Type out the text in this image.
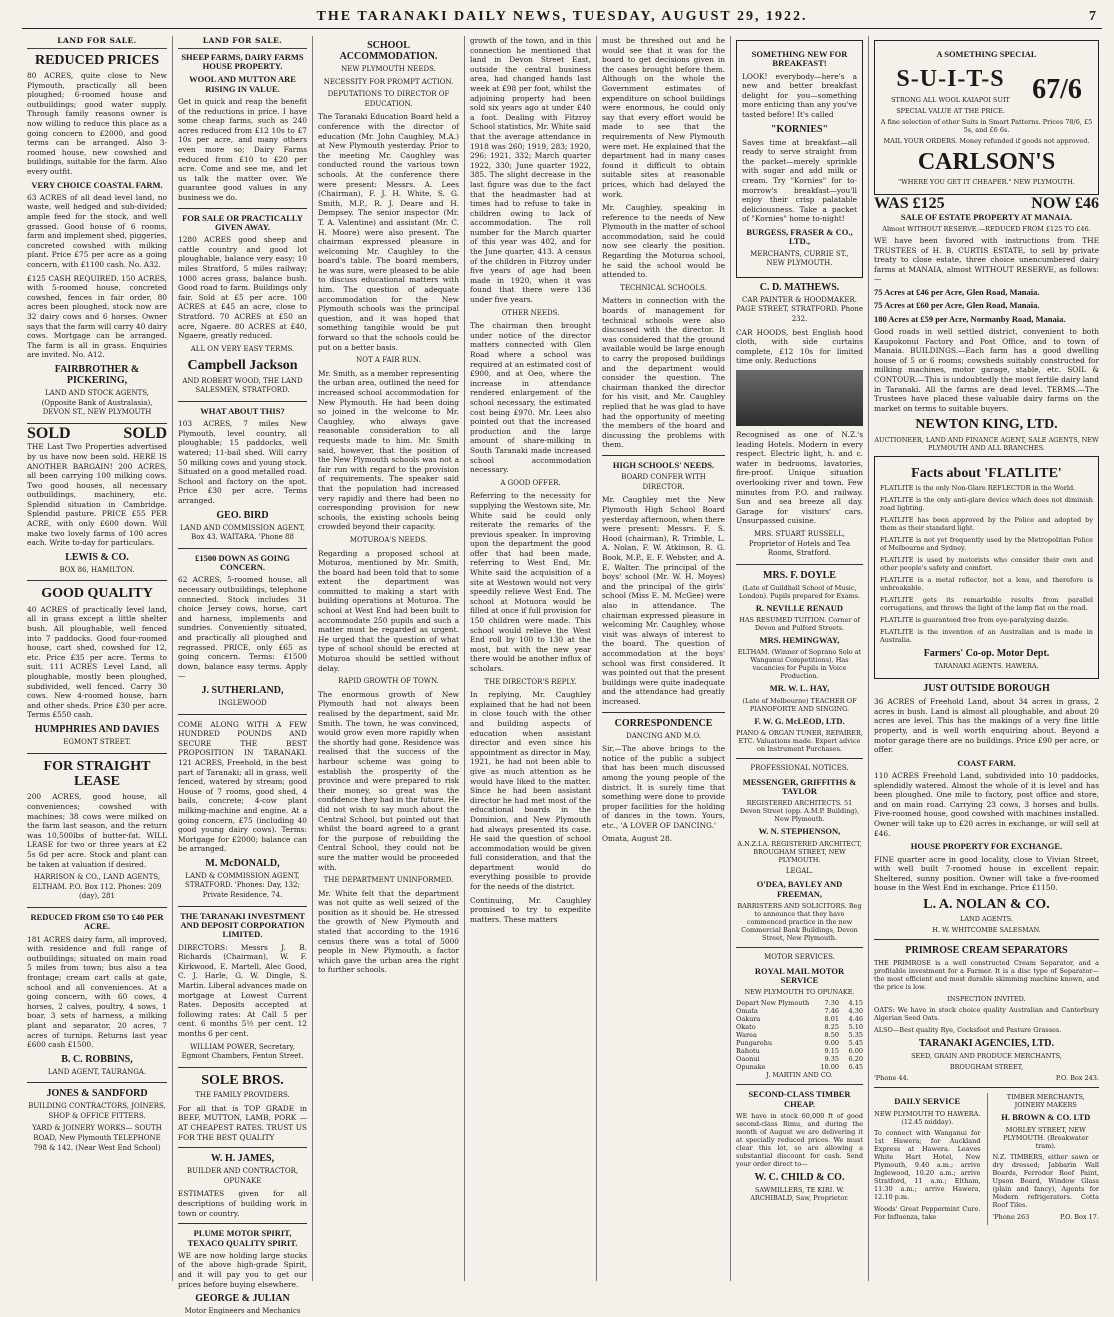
THE TARANAKI DAILY NEWS, TUESDAY, AUGUST 29, 1922.	7
LAND FOR SALE.
REDUCED PRICES

80 ACRES, quite close to New Plymouth, practically all been ploughed; 6-roomed house and outbuildings; good water supply. Through family reasons owner is now willing to reduce this place as a going concern to £2000, and good terms can be arranged. Also 3-roomed house, new cowshed and buildings, suitable for the farm. Also every outfit.

VERY CHOICE COASTAL FARM.

63 ACRES of all dead level land, no waste, well hedged and sub-divided; ample feed for the stock, and well grassed. Good house of 6 rooms, farm and implement shed, piggeries, concreted cowshed with milking plant. Price £75 per acre as a going concern, with £1100 cash. No. A32.

£125 CASH REQUIRED. 150 ACRES, with 5-roomed house, concreted cowshed, fences in fair order, 80 acres been ploughed, stock now are 32 dairy cows and 6 horses. Owner says that the farm will carry 40 dairy cows. Mortgage can be arranged. The farm is all in grass. Enquiries are invited. No. A12.

FAIRBROTHER & PICKERING,
LAND AND STOCK AGENTS, (Opposite Bank of Australasia), DEVON ST., NEW PLYMOUTH
SOLD	SOLD

THE Last Two Properties advertised by us have now been sold. HERE IS ANOTHER BARGAIN! 200 ACRES, all been carrying 100 milking cows. Two good houses, all necessary outbuildings, machinery, etc. Splendid situation in Cambridge. Splendid pasture. PRICE £55 PER ACRE, with only £600 down. Will make two lovely farms of 100 acres each. Write to-day for particulars.

LEWIS & CO.
BOX 86, HAMILTON.
GOOD QUALITY

40 ACRES of practically level land, all in grass except a little shelter bush. All ploughable, well fenced into 7 paddocks. Good four-roomed house, cart shed, cowshed for 12, etc. Price £35 per acre. Terms to suit. 111 ACRES Level Land, all ploughable, mostly been ploughed, subdivided, well fenced. Carry 30 cows. New 4-roomed house, barn and other sheds. Price £30 per acre. Terms £550 cash.

HUMPHRIES AND DAVIES
EGMONT STREET.
FOR STRAIGHT LEASE

200 ACRES, good house, all conveniences; cowshed with machines; 38 cows were milked on the farm last season, and the return was 10,500lbs of butter-fat. WILL LEASE for two or three years at £2 5s 6d per acre. Stock and plant can be taken at valuation if desired.

HARRISON & CO., LAND AGENTS, ELTHAM. P.O. Box 112. Phones: 209 (day), 281
REDUCED FROM £50 TO £40 PER ACRE.

181 ACRES dairy farm, all improved, with residence and full range of outbuildings; situated on main road 5 miles from town; bus also a tea frontage; cream cart calls at gate, school and all conveniences. At a going concern, with 60 cows, 4 horses, 2 calves, poultry, 4 sows, 1 boar, 3 sets of harness, a milking plant and separator, 20 acres, 7 acres of turnips. Returns last year £600 cash £1500.

B. C. ROBBINS,
LAND AGENT, TAURANGA.
JONES & SANDFORD
BUILDING CONTRACTORS, JOINERS, SHOP & OFFICE FITTERS.
YARD & JOINERY WORKS— SOUTH ROAD, New Plymouth TELEPHONE 798 & 142. (Near West End School)
LAND FOR SALE.
SHEEP FARMS, DAIRY FARMS HOUSE PROPERTY.
WOOL AND MUTTON ARE RISING IN VALUE.

Get in quick and reap the benefit of the reductions in price. I have some cheap farms, such as 240 acres reduced from £12 10s to £7 10s per acre, and many others even more so; Dairy Farms reduced from £10 to £20 per acre. Come and see me, and let us talk the matter over. We guarantee good values in any business we do.

FOR SALE OR PRACTICALLY GIVEN AWAY.

1280 ACRES good sheep and cattle country and good lot ploughable, balance very easy; 10 miles Stratford, 5 miles railway; 1000 acres grass, balance bush. Good road to farm. Buildings only fair. Sold at £5 per acre. 100 ACRES at £45 an acre, close to Stratford. 70 ACRES at £50 an acre, Ngaere. 80 ACRES at £40, Ngaere, greatly reduced.

ALL ON VERY EASY TERMS.
Campbell Jackson
AND ROBERT WOOD, THE LAND SALESMEN, STRATFORD.
WHAT ABOUT THIS?

103 ACRES, 7 miles New Plymouth, level country, all ploughable; 15 paddocks, well watered; 11-bail shed. Will carry 50 milking cows and young stock. Situated on a good metalled road. School and factory on the spot. Price £30 per acre. Terms arranged.

GEO. BIRD
LAND AND COMMISSION AGENT, Box 43. WAITARA. 'Phone 88
£1500 DOWN AS GOING CONCERN.

62 ACRES, 5-roomed house, all necessary outbuildings, telephone connected. Stock includes 31 choice Jersey cows, horse, cart and harness, implements and sundries. Conveniently situated, and practically all ploughed and regrassed. PRICE, only £65 as going concern. Terms: £1500 down, balance easy terms. Apply—

J. SUTHERLAND,
INGLEWOOD

COME ALONG WITH A FEW HUNDRED POUNDS AND SECURE THE BEST PROPOSITION IN TARANAKI. 121 ACRES, Freehold, in the best part of Taranaki; all in grass, well fenced, watered by stream; good House of 7 rooms, good shed, 4 bails, concrete; 4-cow plant milking-machine and engine. At a going concern, £75 (including 40 good young dairy cows). Terms: Mortgage for £2000; balance can be arranged.

M. McDONALD,
LAND & COMMISSION AGENT, STRATFORD. 'Phones: Day, 132; Private Residence, 74.
THE TARANAKI INVESTMENT AND DEPOSIT CORPORATION LIMITED.

DIRECTORS: Messrs J. B. Richards (Chairman), W. F. Kirkwood, E. Martell, Alec Good, C. J. Harle, G. W. Dingle, S. Martin. Liberal advances made on mortgage at Lowest Current Rates. Deposits accepted at following rates: At Call 5 per cent. 6 months 5½ per cent. 12 months 6 per cent.

WILLIAM POWER, Secretary, Egmont Chambers, Fenton Street.
SOLE BROS.
THE FAMILY PROVIDERS.

For all that is TOP GRADE in BEEF, MUTTON, LAMB, PORK — AT CHEAPEST RATES. TRUST US FOR THE BEST QUALITY

W. H. JAMES,
BUILDER AND CONTRACTOR, OPUNAKE

ESTIMATES given for all descriptions of building work in town or country.

PLUME MOTOR SPIRIT, TEXACO QUALITY SPIRIT.

WE are now holding large stocks of the above high-grade Spirit, and it will pay you to get our prices before buying elsewhere.

GEORGE & JULIAN
Motor Engineers and Mechanics
SCHOOL ACCOMMODATION.
NEW PLYMOUTH NEEDS.
NECESSITY FOR PROMPT ACTION.
DEPUTATIONS TO DIRECTOR OF EDUCATION.

The Taranaki Education Board held a conference with the director of education (Mr. John Caughley, M.A.) at New Plymouth yesterday. Prior to the meeting Mr. Caughley was conducted round the various town schools. At the conference there were present: Messrs. A. Lees (Chairman), F. J. H. White, S. G. Smith, M.P., R. J. Deare and H. Dempsey. The senior inspector (Mr. T. A. Valentine) and assistant (Mr. C. H. Moore) were also present. The chairman expressed pleasure in welcoming Mr. Caughley to the board's table. The board members, he was sure, were pleased to be able to discuss educational matters with him. The question of adequate accommodation for the New Plymouth schools was the principal question, and it was hoped that something tangible would be put forward so that the schools could be put on a better basis.

NOT A FAIR RUN.

Mr. Smith, as a member representing the urban area, outlined the need for increased school accommodation for New Plymouth. He had been doing so joined in the welcome to Mr. Caughley, who always gave reasonable consideration to all requests made to him. Mr. Smith said, however, that the position of the New Plymouth schools was not a fair run with regard to the provision of requirements. The speaker said that the population had increased very rapidly and there had been no corresponding provision for new schools, the existing schools being crowded beyond their capacity.

MOTUROA'S NEEDS.

Regarding a proposed school at Moturoa, mentioned by Mr. Smith, the board had been told that to some extent the department was committed to making a start with building operations at Moturoa. The school at West End had been built to accommodate 250 pupils and such a matter must be regarded as urgent. He urged that the question of what type of school should be erected at Moturoa should be settled without delay.

RAPID GROWTH OF TOWN.

The enormous growth of New Plymouth had not always been realised by the department, said Mr. Smith. The town, he was convinced, would grow even more rapidly when the shortly had gone. Residence was realised that the success of the harbour scheme was going to establish the prosperity of the province and were prepared to risk their money, so great was the confidence they had in the future. He did not wish to say much about the Central School, but pointed out that whilst the board agreed to a grant for the purpose of rebuilding the Central School, they could not be sure the matter would be proceeded with.

THE DEPARTMENT UNINFORMED.

Mr. White felt that the department was not quite as well seized of the position as it should be. He stressed the growth of New Plymouth and stated that according to the 1916 census there was a total of 5000 people in New Plymouth, a factor which gave the urban area the right to further schools.

growth of the town, and in this connection he mentioned that land in Devon Street East, outside the central business area, had changed hands last week at £98 per foot, whilst the adjoining property had been sold six years ago at under £40 a foot. Dealing with Fitzroy School statistics, Mr. White said that the average attendance in 1918 was 260; 1919, 283; 1920, 296; 1921, 332; March quarter 1922, 330; June quarter 1922, 385. The slight decrease in the last figure was due to the fact that the headmaster had at times had to refuse to take in children owing to lack of accommodation. The roll number for the March quarter of this year was 402, and for the June quarter, 413. A census of the children in Fitzroy under five years of age had been made in 1920, when it was found that there were 136 under five years.

OTHER NEEDS.

The chairman then brought under notice of the director matters connected with Glen Road where a school was required at an estimated cost of £900, and at Oeo, where the increase in attendance rendered enlargement of the school necessary, the estimated cost being £970. Mr. Lees also pointed out that the increased production and the large amount of share-milking in South Taranaki made increased school accommodation necessary.

A GOOD OFFER.

Referring to the necessity for supplying the Westown site, Mr. White said he could only reiterate the remarks of the previous speaker. In improving upon the department the good offer that had been made, referring to West End, Mr. White said the acquisition of a site at Westown would not very speedily relieve West End. The school at Motuora would be filled at once if full provision for 150 children were made. This school would relieve the West End roll by 100 to 130 at the most, but with the new year there would be another influx of scholars.

THE DIRECTOR'S REPLY.

In replying, Mr. Caughley explained that he had not been in close touch with the other and building aspects of education when assistant director and even since his appointment as director in May, 1921, he had not been able to give as much attention as he would have liked to the matter. Since he had been assistant director he had met most of the educational boards in the Dominion, and New Plymouth had always presented its case. He said the question of school accommodation would be given full consideration, and that the department would do everything possible to provide for the needs of the district.

Continuing, Mr. Caughley promised to try to expedite matters. These matters

must be threshed out and he would see that it was for the board to get decisions given in the cases brought before them. Although on the whole the Government estimates of expenditure on school buildings were enormous, he could only say that every effort would be made to see that the requirements of New Plymouth were met. He explained that the department had in many cases found it difficult to obtain suitable sites at reasonable prices, which had delayed the work.

Mr. Caughley, speaking in reference to the needs of New Plymouth in the matter of school accommodation, said he could now see clearly the position. Regarding the Moturoa school, he said the school would be attended to.

TECHNICAL SCHOOLS.

Matters in connection with the boards of management for technical schools were also discussed with the director. It was considered that the ground available would be large enough to carry the proposed buildings and the department would consider the question. The chairman thanked the director for his visit, and Mr. Caughley replied that he was glad to have had the opportunity of meeting the members of the board and discussing the problems with them.

HIGH SCHOOLS' NEEDS.
BOARD CONFER WITH DIRECTOR.

Mr. Caughley met the New Plymouth High School Board yesterday afternoon, when there were present: Messrs. F. S. Hood (chairman), R. Trimble, L. A. Nolan, F. W. Atkinson, R. G. Book, M.P., E. F. Webster, and A. E. Walter. The principal of the boys' school (Mr. W. H. Moyes) and the principal of the girls' school (Miss E. M. McGee) were also in attendance. The chairman expressed pleasure in welcoming Mr. Caughley, whose visit was always of interest to the board. The question of accommodation at the boys' school was first considered. It was pointed out that the present buildings were quite inadequate and the attendance had greatly increased.

CORRESPONDENCE
DANCING AND M.O.

Sir,—The above brings to the notice of the public a subject that has been much discussed among the young people of the district. It is surely time that something were done to provide proper facilities for the holding of dances in the town. Yours, etc., 'A LOVER OF DANCING.'

Omata, August 28.

SOMETHING NEW FOR BREAKFAST!

LOOK! everybody—here's a new and better breakfast delight for you—something more enticing than any you've tasted before! It's called

"KORNIES"

Saves time at breakfast—all ready to serve straight from the packet—merely sprinkle with sugar and add milk or cream. Try "Kornies" for to-morrow's breakfast—you'll enjoy their crisp palatable deliciousness. Take a packet of "Kornies" home to-night!

BURGESS, FRASER & CO., LTD.,
MERCHANTS, CURRIE ST., NEW PLYMOUTH.
C. D. MATHEWS.
CAR PAINTER & HOODMAKER. PAGE STREET, STRATFORD. Phone 232.

CAR HOODS, best English hood cloth, with side curtains complete, £12 10s for limited time only. Reductions

Recognised as one of N.Z.'s leading Hotels. Modern in every respect. Electric light, h. and c. water in bedrooms, lavatories, fire-proof. Unique situation overlooking river and town. Few minutes from P.O. and railway. Sun and sea breeze all day. Garage for visitors' cars. Unsurpassed cuisine.

MRS. STUART RUSSELL, Proprietor of Hotels and Tea Rooms, Stratford.
MRS. F. DOYLE
(Late of Guildhall School of Music, London). Pupils prepared for Exams.
R. NEVILLE RENAUD
HAS RESUMED TUITION. Corner of Devon and Pulford Streets.
MRS. HEMINGWAY,
ELTHAM. (Winner of Soprano Solo at Wanganui Competitions). Has vacancies for Pupils in Voice Production.
MR. W. L. HAY,
(Late of Melbourne) TEACHER OF PIANOFORTE AND SINGING.
F. W. G. McLEOD, LTD.
PIANO & ORGAN TUNER, REPAIRER, ETC. Valuations made. Expert advice on Instrument Purchases.
PROFESSIONAL NOTICES.
MESSENGER, GRIFFITHS & TAYLOR
REGISTERED ARCHITECTS. 51 Devon Street (opp. A.M.P. Building), New Plymouth.
W. N. STEPHENSON,
A.N.Z.I.A. REGISTERED ARCHITECT, BROUGHAM STREET, NEW PLYMOUTH.
LEGAL.
O'DEA, BAYLEY AND FREEMAN,
BARRISTERS AND SOLICITORS. Beg to announce that they have commenced practice in the new Commercial Bank Buildings, Devon Street, New Plymouth.
MOTOR SERVICES.
ROYAL MAIL MOTOR SERVICE
NEW PLYMOUTH TO OPUNAKE.
Depart New Plymouth	7.30	4.15
Omata	7.46	4.30
Oakura	8.01	4.46
Okato	8.25	5.10
Warea	8.50	5.35
Pungarehu	9.00	5.45
Rahotu	9.15	6.00
Oaonui	9.35	6.20
Opunake	10.00	6.45
J. MARTIN AND CO.
SECOND-CLASS TIMBER CHEAP.

WE have in stock 60,000 ft of good second-class Rimu, and during the month of August we are delivering it at specially reduced prices. We must clear this lot, so are allowing a substantial discount for cash. Send your order direct to—

W. C. CHILD & CO.
SAWMILLERS, TE KIRI. W. ARCHIBALD, Saw, Proprietor.
A SOMETHING SPECIAL
S-U-I-T-S
STRONG ALL WOOL KAIAPOI SUIT
SPECIAL VALUE AT THE PRICE.
67/6
A fine selection of other Suits in Smart Patterns. Prices 78/6, £5 5s, and £6 6s.
MAIL YOUR ORDERS. Money refunded if goods not approved.
CARLSON'S
"WHERE YOU GET IT CHEAPER." NEW PLYMOUTH.
WAS £125	NOW £46
SALE OF ESTATE PROPERTY AT MANAIA.
Almost WITHOUT RESERVE.—REDUCED FROM £125 TO £46.

WE have been favored with instructions from THE TRUSTEES of H. B. CURTIS ESTATE, to sell by private treaty to close estate, three choice unencumbered dairy farms at MANAIA, almost WITHOUT RESERVE, as follows:—

75 Acres at £46 per Acre, Glen Road, Manaia.
75 Acres at £60 per Acre, Glen Road, Manaia.
180 Acres at £59 per Acre, Normanby Road, Manaia.

Good roads in well settled district, convenient to both Kaupokonui Factory and Post Office, and to town of Manaia. BUILDINGS.—Each farm has a good dwelling house of 5 or 6 rooms; cowsheds suitably constructed for milking machines, motor garage, stable, etc. SOIL & CONTOUR.—This is undoubtedly the most fertile dairy land in Taranaki. All the farms are dead level. TERMS.—The Trustees have placed these valuable dairy farms on the market on terms to suitable buyers.

NEWTON KING, LTD.
AUCTIONEER, LAND AND FINANCE AGENT, SALE AGENTS, NEW PLYMOUTH AND ALL BRANCHES.
Facts about 'FLATLITE'

FLATLITE is the only Non-Glare REFLECTOR in the World.

FLATLITE is the only anti-glare device which does not diminish road lighting.

FLATLITE has been approved by the Police and adopted by them as their standard light.

FLATLITE is not yet frequently used by the Metropolitan Police of Melbourne and Sydney.

FLATLITE is used by motorists who consider their own and other people's safety and comfort.

FLATLITE is a metal reflector, not a lens, and therefore is unbreakable.

FLATLITE gets its remarkable results from parallel corrugations, and throws the light of the lamp flat on the road.

FLATLITE is guaranteed free from eye-paralyzing dazzle.

FLATLITE is the invention of an Australian and is made in Australia.

Farmers' Co-op. Motor Dept.
TARANAKI AGENTS. HAWERA.
JUST OUTSIDE BOROUGH

36 ACRES of Freehold Land, about 34 acres in grass, 2 acres in bush. Land is almost all ploughable, and about 20 acres are level. This has the makings of a very fine little property, and is well worth enquiring about. Beyond a motor garage there are no buildings. Price £90 per acre, or offer.

COAST FARM.

110 ACRES Freehold Land, subdivided into 10 paddocks, splendidly watered. Almost the whole of it is level and has been ploughed. One mile to factory, post office and store, and on main road. Carrying 23 cows, 3 horses and bulls. Five-roomed house, good cowshed with machines installed. Owner will take up to £20 acres in exchange, or will sell at £46.

HOUSE PROPERTY FOR EXCHANGE.

FINE quarter acre in good locality, close to Vivian Street, with well built 7-roomed house in excellent repair. Sheltered, sunny position. Owner will take a five-roomed house in the West End in exchange. Price £1150.

L. A. NOLAN & CO.
LAND AGENTS.
H. W. WHITCOMBE SALESMAN.
PRIMROSE CREAM SEPARATORS

THE PRIMROSE is a well constructed Cream Separator, and a profitable investment for a Farmer. It is a disc type of Separator—the most efficient and most durable skimming machine known, and the price is low.

INSPECTION INVITED.

OATS: We have in stock choice quality Australian and Canterbury Algerian Seed Oats.

ALSO—Best quality Rye, Cocksfoot and Pasture Grasses.

TARANAKI AGENCIES, LTD.
SEED, GRAIN AND PRODUCE MERCHANTS,
BROUGHAM STREET,
'Phone 44.	P.O. Box 243.
DAILY SERVICE
NEW PLYMOUTH TO HAWERA. (12.45 midday).

To connect with Wanganui for 1st Hawera; for Auckland Express at Hawera. Leaves White Hart Hotel, New Plymouth, 9.40 a.m.; arrive Inglewood, 10.20 a.m.; arrive Stratford, 11 a.m.; Eltham, 11.30 a.m.; arrive Hawera, 12.10 p.m.

Woods' Great Peppermint Cure. For Influenza, take

TIMBER MERCHANTS, JOINERY MAKERS
H. BROWN & CO. LTD
MORLEY STREET, NEW PLYMOUTH. (Breakwater tram).

N.Z. TIMBERS, either sawn or dry dressed; Jabbarin Wall Boards, Ferrodor Roof Paint, Upson Board, Window Glass (plain and fancy), Agents for Modern refrigerators. Cotta Roof Tiles.

'Phone 263	P.O. Box 17.
